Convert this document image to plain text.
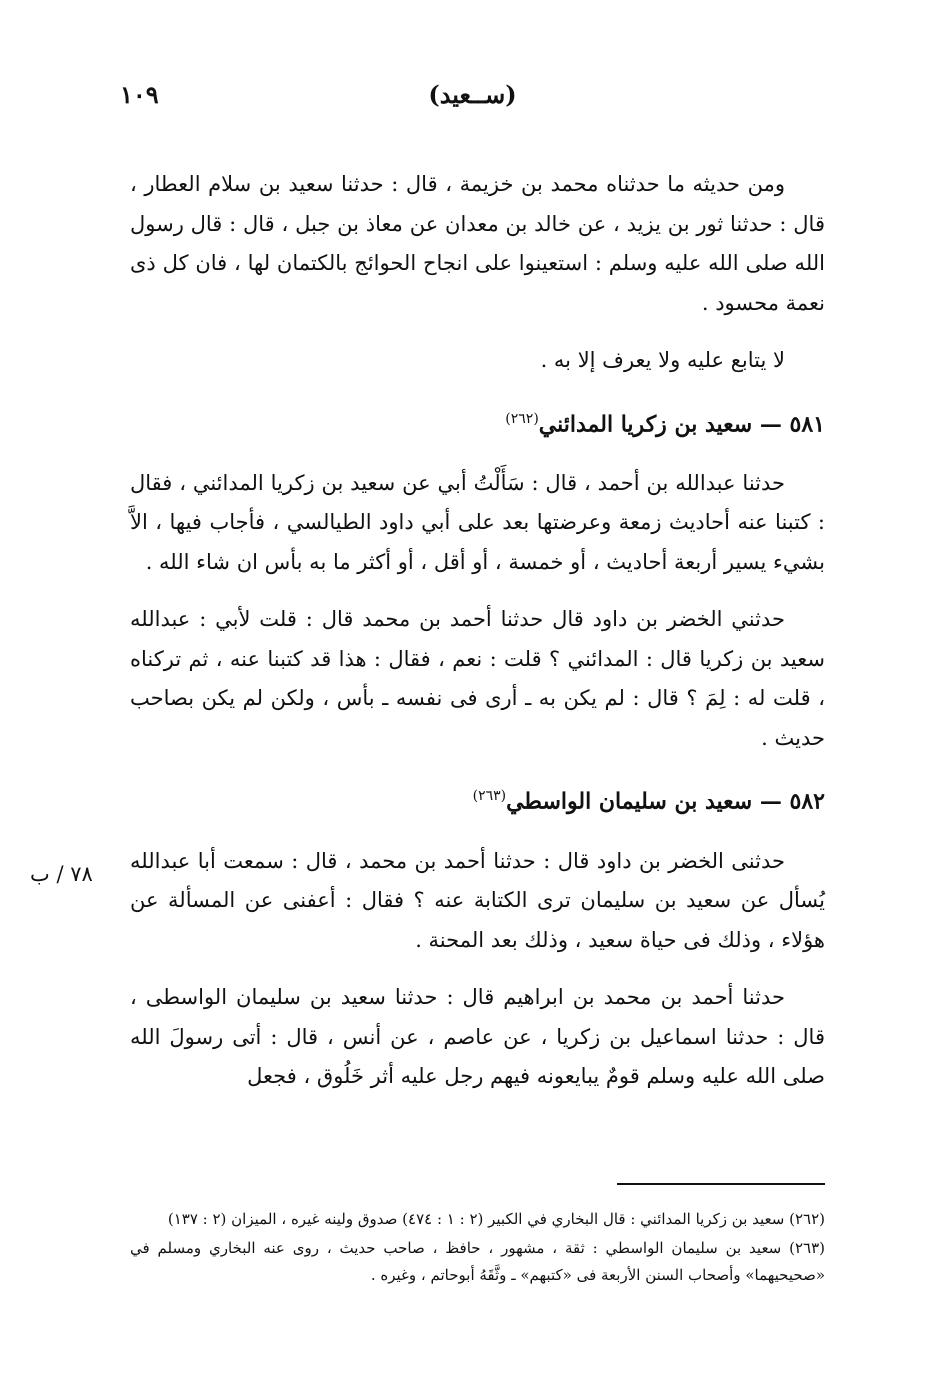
١٠٩	(ســعيد)
٧٨ / ب

ومن حديثه ما حدثناه محمد بن خزيمة ، قال : حدثنا سعيد بن سلام العطار ، قال : حدثنا ثور بن يزيد ، عن خالد بن معدان عن معاذ بن جبل ، قال : قال رسول الله صلى الله عليه وسلم : استعينوا على انجاح الحوائج بالكتمان لها ، فان كل ذى نعمة محسود .

لا يتابع عليه ولا يعرف إلا به .

٥٨١ — سعيد بن زكريا المدائني$^{(٢٦٢)}$

حدثنا عبدالله بن أحمد ، قال : سَأَلْتُ أبي عن سعيد بن زكريا المدائني ، فقال : كتبنا عنه أحاديث زمعة وعرضتها بعد على أبي داود الطيالسي ، فأجاب فيها ، الاَّ بشيء يسير أربعة أحاديث ، أو خمسة ، أو أقل ، أو أكثر ما به بأس ان شاء الله .

حدثني الخضر بن داود قال حدثنا أحمد بن محمد قال : قلت لأبي : عبدالله سعيد بن زكريا قال : المدائني ؟ قلت : نعم ، فقال : هذا قد كتبنا عنه ، ثم تركناه ، قلت له : لِمَ ؟ قال : لم يكن به ـ أرى فى نفسه ـ بأس ، ولكن لم يكن بصاحب حديث .

٥٨٢ — سعيد بن سليمان الواسطي$^{(٢٦٣)}$

حدثنى الخضر بن داود قال : حدثنا أحمد بن محمد ، قال : سمعت أبا عبدالله يُسأل عن سعيد بن سليمان ترى الكتابة عنه ؟ فقال : أعفنى عن المسألة عن هؤلاء ، وذلك فى حياة سعيد ، وذلك بعد المحنة .

حدثنا أحمد بن محمد بن ابراهيم قال : حدثنا سعيد بن سليمان الواسطى ، قال : حدثنا اسماعيل بن زكريا ، عن عاصم ، عن أنس ، قال : أتى رسولَ الله صلى الله عليه وسلم قومٌ يبايعونه فيهم رجل عليه أثر خَلُوق ، فجعل

(٢٦٢) سعيد بن زكريا المدائني : قال البخاري في الكبير (٢ : ١ : ٤٧٤) صدوق ولينه غيره ، الميزان (٢ : ١٣٧)

(٢٦٣) سعيد بن سليمان الواسطي : ثقة ، مشهور ، حافظ ، صاحب حديث ، روى عنه البخاري ومسلم في «صحيحيهما» وأصحاب السنن الأربعة فى «كتبهم» ـ وثَّقَهُ أبوحاتم ، وغيره .
